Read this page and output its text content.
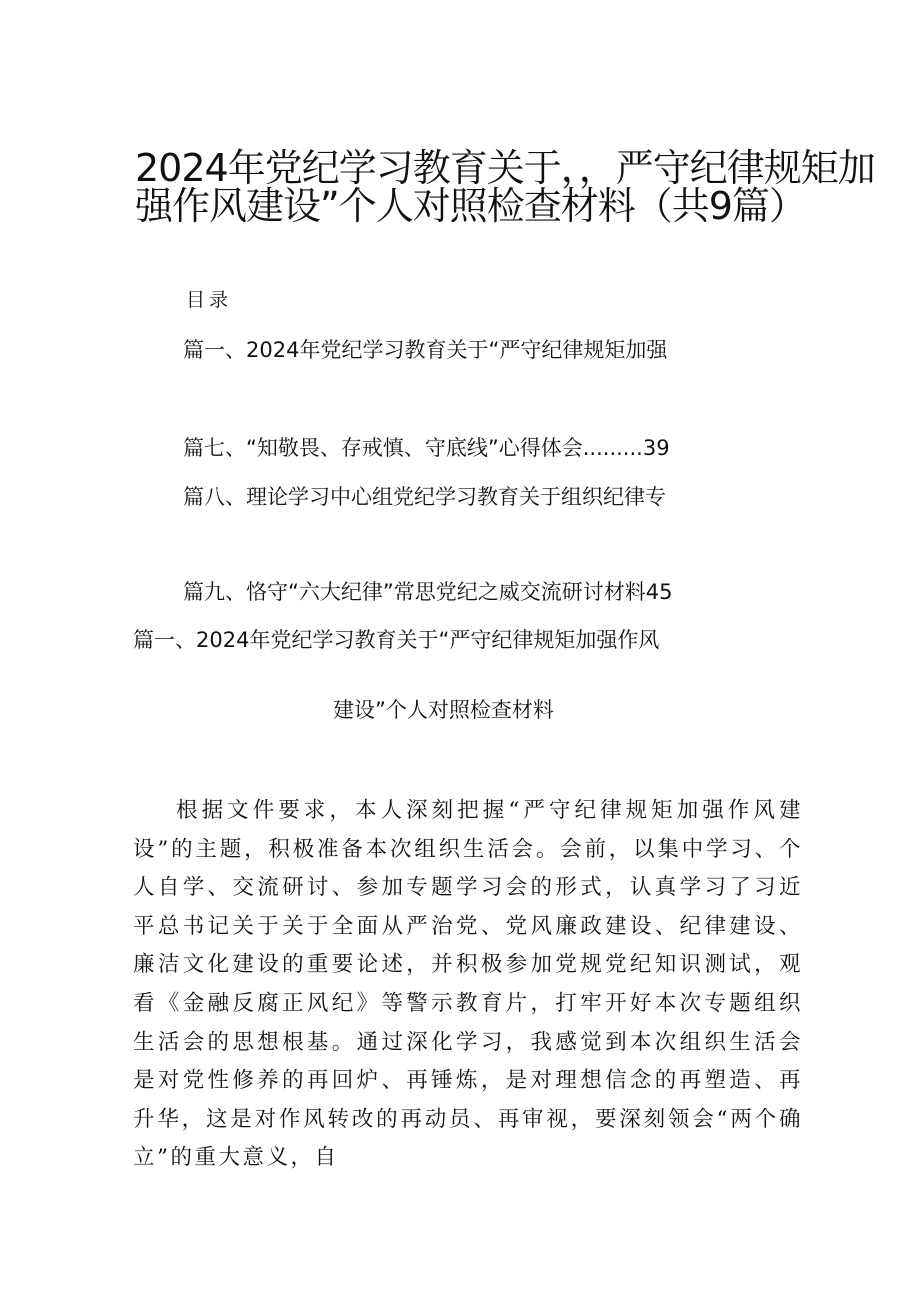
2024年党纪学习教育关于，，严守纪律规矩加
强作风建设”个人对照检查材料（共9篇）
目录
篇一、2024年党纪学习教育关于“严守纪律规矩加强
篇七、“知敬畏、存戒慎、守底线”心得体会.........39
篇八、理论学习中心组党纪学习教育关于组织纪律专
篇九、恪守“六大纪律”常思党纪之威交流研讨材料45
篇一、2024年党纪学习教育关于“严守纪律规矩加强作风
建设”个人对照检查材料

根据文件要求，本人深刻把握“严守纪律规矩加强作风建设”的主题，积极准备本次组织生活会。会前，以集中学习、个人自学、交流研讨、参加专题学习会的形式，认真学习了习近平总书记关于关于全面从严治党、党风廉政建设、纪律建设、廉洁文化建设的重要论述，并积极参加党规党纪知识测试，观看《金融反腐正风纪》等警示教育片，打牢开好本次专题组织生活会的思想根基。通过深化学习，我感觉到本次组织生活会是对党性修养的再回炉、再锤炼，是对理想信念的再塑造、再升华，这是对作风转改的再动员、再审视，要深刻领会“两个确立”的重大意义，自
